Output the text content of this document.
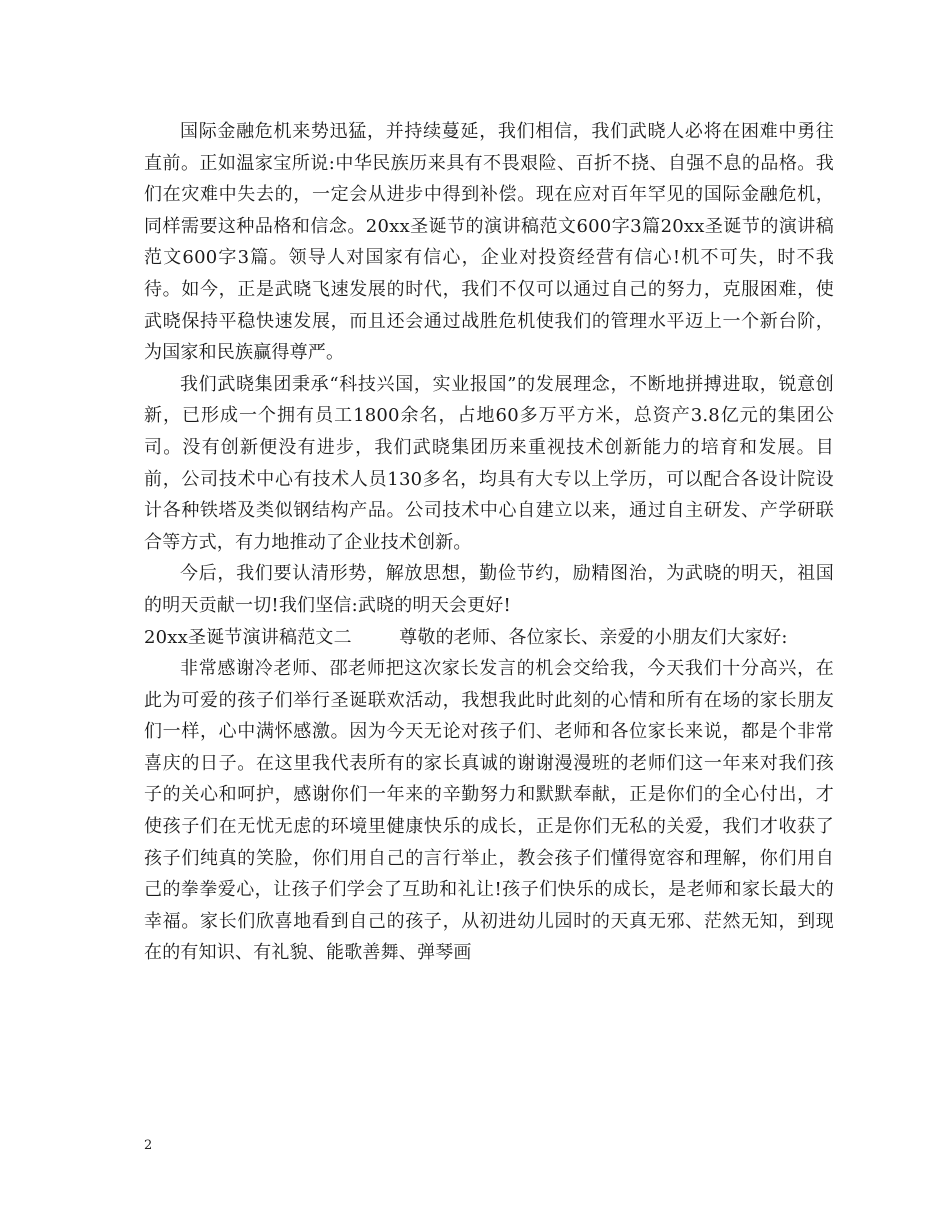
国际金融危机来势迅猛，并持续蔓延，我们相信，我们武晓人必将在困难中勇往直前。正如温家宝所说:中华民族历来具有不畏艰险、百折不挠、自强不息的品格。我们在灾难中失去的，一定会从进步中得到补偿。现在应对百年罕见的国际金融危机，同样需要这种品格和信念。20xx圣诞节的演讲稿范文600字3篇20xx圣诞节的演讲稿范文600字3篇。领导人对国家有信心，企业对投资经营有信心!机不可失，时不我待。如今，正是武晓飞速发展的时代，我们不仅可以通过自己的努力，克服困难，使武晓保持平稳快速发展，而且还会通过战胜危机使我们的管理水平迈上一个新台阶，为国家和民族赢得尊严。

我们武晓集团秉承“科技兴国，实业报国”的发展理念，不断地拼搏进取，锐意创新，已形成一个拥有员工1800余名，占地60多万平方米，总资产3.8亿元的集团公司。没有创新便没有进步，我们武晓集团历来重视技术创新能力的培育和发展。目前，公司技术中心有技术人员130多名，均具有大专以上学历，可以配合各设计院设计各种铁塔及类似钢结构产品。公司技术中心自建立以来，通过自主研发、产学研联合等方式，有力地推动了企业技术创新。

今后，我们要认清形势，解放思想，勤俭节约，励精图治，为武晓的明天，祖国的明天贡献一切!我们坚信:武晓的明天会更好!

20xx圣诞节演讲稿范文二        尊敬的老师、各位家长、亲爱的小朋友们大家好:

非常感谢冷老师、邵老师把这次家长发言的机会交给我，今天我们十分高兴，在此为可爱的孩子们举行圣诞联欢活动，我想我此时此刻的心情和所有在场的家长朋友们一样，心中满怀感激。因为今天无论对孩子们、老师和各位家长来说，都是个非常喜庆的日子。在这里我代表所有的家长真诚的谢谢漫漫班的老师们这一年来对我们孩子的关心和呵护，感谢你们一年来的辛勤努力和默默奉献，正是你们的全心付出，才使孩子们在无忧无虑的环境里健康快乐的成长，正是你们无私的关爱，我们才收获了孩子们纯真的笑脸，你们用自己的言行举止，教会孩子们懂得宽容和理解，你们用自己的拳拳爱心，让孩子们学会了互助和礼让!孩子们快乐的成长，是老师和家长最大的幸福。家长们欣喜地看到自己的孩子，从初进幼儿园时的天真无邪、茫然无知，到现在的有知识、有礼貌、能歌善舞、弹琴画

2
